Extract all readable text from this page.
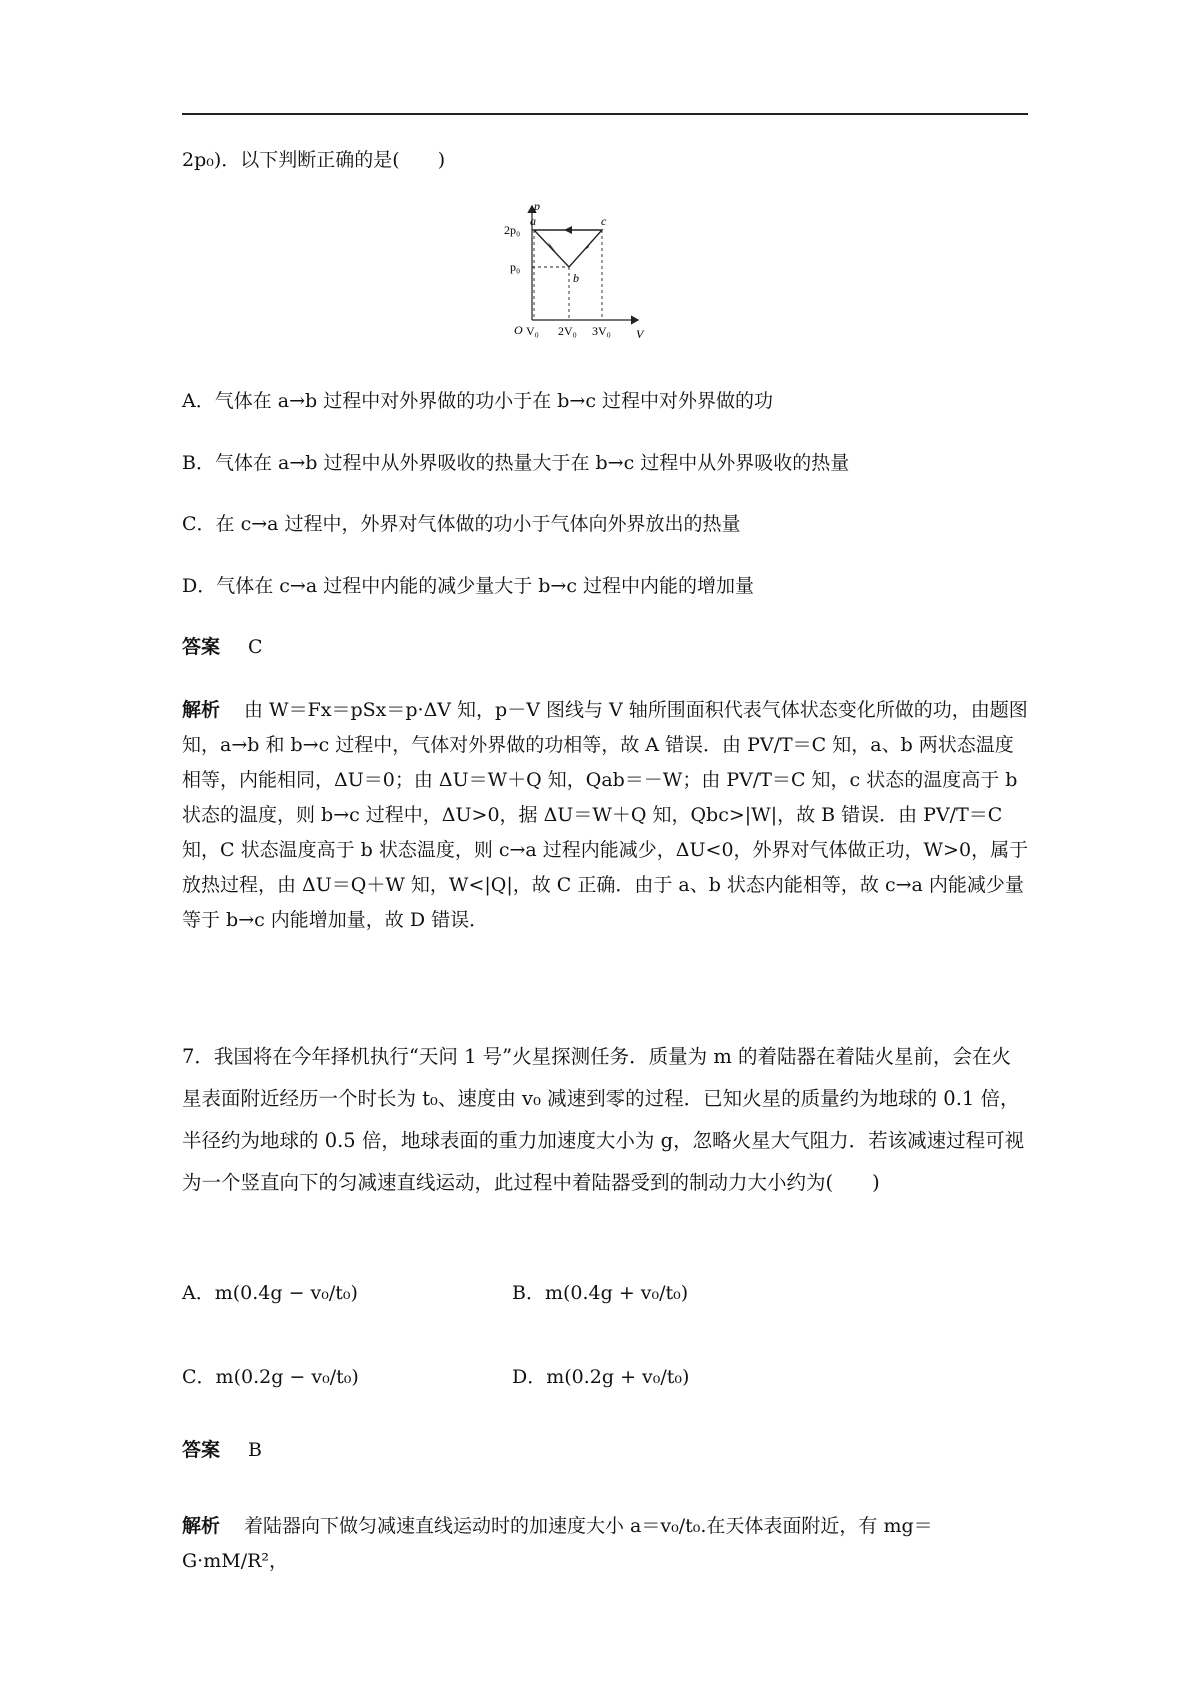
2p₀)．以下判断正确的是(　　)
p
V
O
2p₀
p₀
V₀ 2V₀ 3V₀
a
b
c
A．气体在 a→b 过程中对外界做的功小于在 b→c 过程中对外界做的功
B．气体在 a→b 过程中从外界吸收的热量大于在 b→c 过程中从外界吸收的热量
C．在 c→a 过程中，外界对气体做的功小于气体向外界放出的热量
D．气体在 c→a 过程中内能的减少量大于 b→c 过程中内能的增加量
答案 C
解析 由 W＝Fx＝pSx＝p·ΔV 知，p－V 图线与 V 轴所围面积代表气体状态变化所做的功，由题图知，a→b 和 b→c 过程中，气体对外界做的功相等，故 A 错误．由 PV/T＝C 知，a、b 两状态温度相等，内能相同，ΔU＝0；由 ΔU＝W＋Q 知，Qab＝－W；由 PV/T＝C 知，c 状态的温度高于 b 状态的温度，则 b→c 过程中，ΔU>0，据 ΔU＝W＋Q 知，Qbc>|W|，故 B 错误．由 PV/T＝C 知，C 状态温度高于 b 状态温度，则 c→a 过程内能减少，ΔU<0，外界对气体做正功，W>0，属于放热过程，由 ΔU＝Q＋W 知，W<|Q|，故 C 正确．由于 a、b 状态内能相等，故 c→a 内能减少量等于 b→c 内能增加量，故 D 错误．
7．我国将在今年择机执行“天问 1 号”火星探测任务．质量为 m 的着陆器在着陆火星前，会在火星表面附近经历一个时长为 t₀、速度由 v₀ 减速到零的过程．已知火星的质量约为地球的 0.1 倍，半径约为地球的 0.5 倍，地球表面的重力加速度大小为 g，忽略火星大气阻力．若该减速过程可视为一个竖直向下的匀减速直线运动，此过程中着陆器受到的制动力大小约为(　　)
A．m(0.4g − v₀/t₀)	B．m(0.4g + v₀/t₀)
C．m(0.2g − v₀/t₀)	D．m(0.2g + v₀/t₀)
答案 B
解析 着陆器向下做匀减速直线运动时的加速度大小 a＝v₀/t₀.在天体表面附近，有 mg＝G·mM/R²，
